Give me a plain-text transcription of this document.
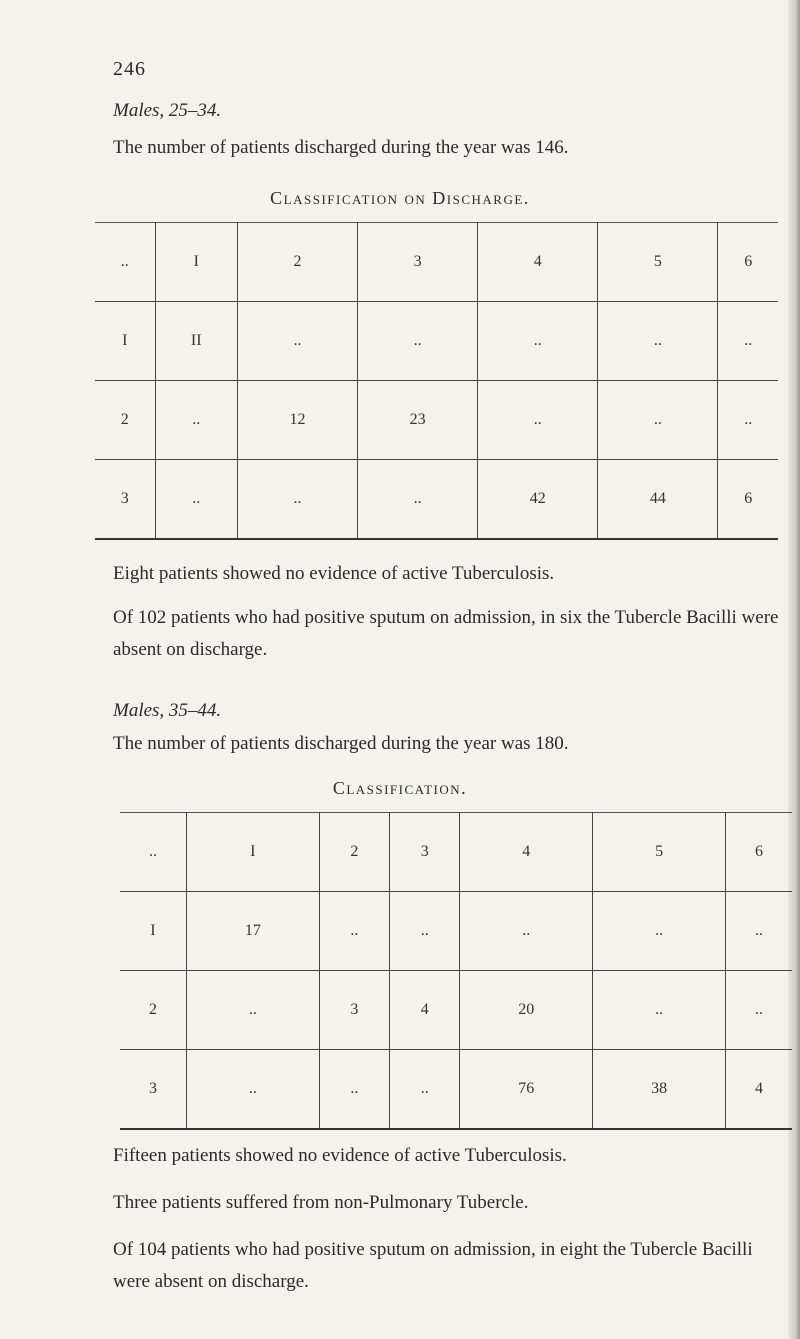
246
Males, 25–34.
The number of patients discharged during the year was 146.
Classification on Discharge.
..	I	2	3	4	5	6
I	II	..	..	..	..	..
2	..	12	23	..	..	..
3	..	..	..	42	44	6
Eight patients showed no evidence of active Tuberculosis.
Of 102 patients who had positive sputum on admission, in six the Tubercle Bacilli were absent on discharge.
Males, 35–44.
The number of patients discharged during the year was 180.
Classification.
..	I	2	3	4	5	6
I	17	..	..	..	..	..
2	..	3	4	20	..	..
3	..	..	..	76	38	4
Fifteen patients showed no evidence of active Tuberculosis.
Three patients suffered from non-Pulmonary Tubercle.
Of 104 patients who had positive sputum on admission, in eight the Tubercle Bacilli were absent on discharge.
